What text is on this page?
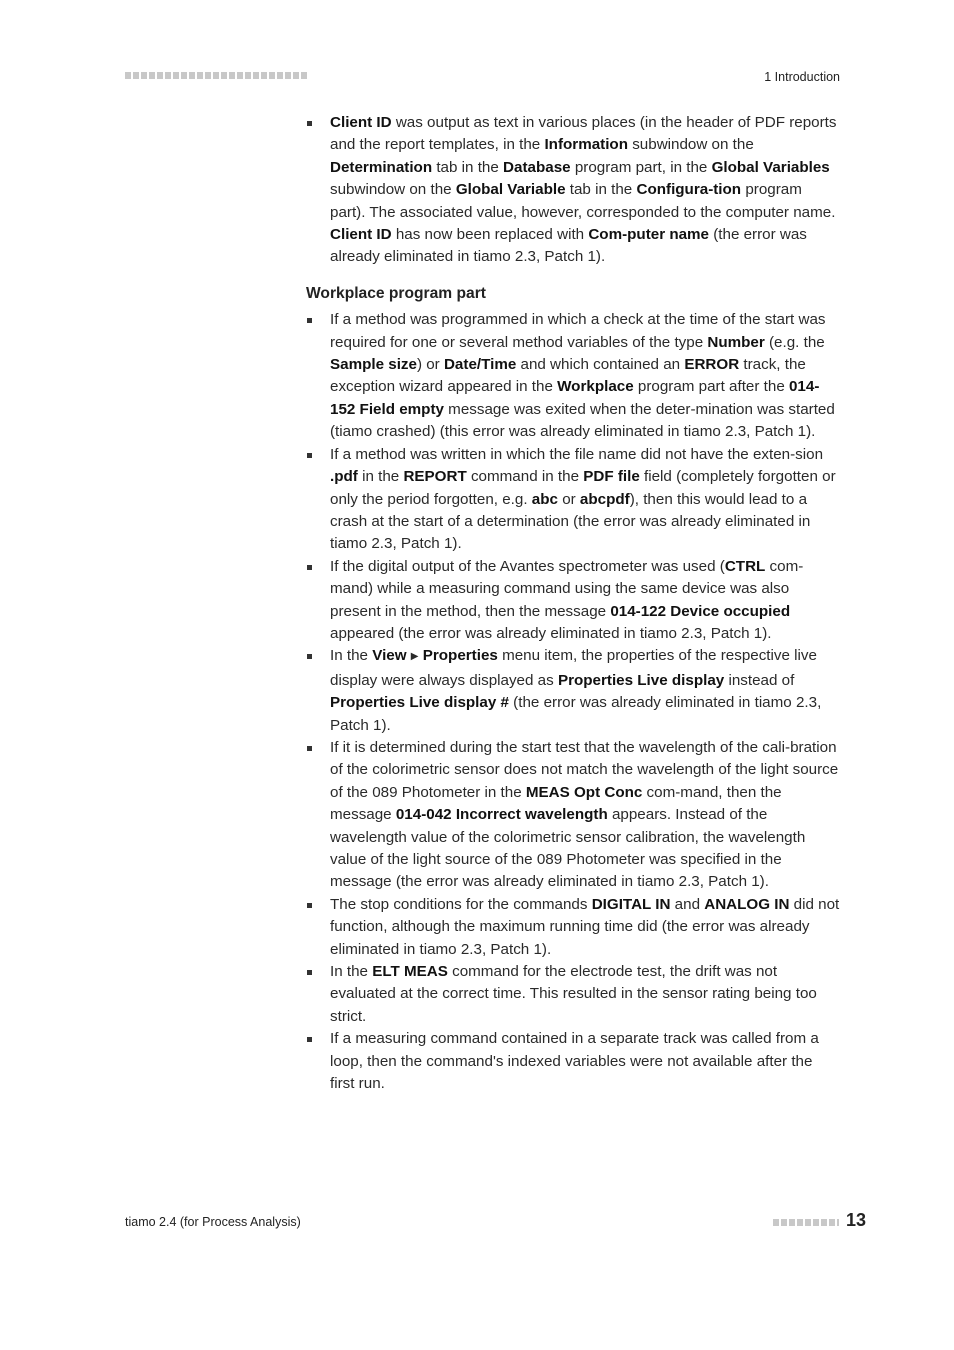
1 Introduction
Client ID was output as text in various places (in the header of PDF reports and the report templates, in the Information subwindow on the Determination tab in the Database program part, in the Global Variables subwindow on the Global Variable tab in the Configura-tion program part). The associated value, however, corresponded to the computer name. Client ID has now been replaced with Com-puter name (the error was already eliminated in tiamo 2.3, Patch 1).
Workplace program part
If a method was programmed in which a check at the time of the start was required for one or several method variables of the type Number (e.g. the Sample size) or Date/Time and which contained an ERROR track, the exception wizard appeared in the Workplace program part after the 014-152 Field empty message was exited when the deter-mination was started (tiamo crashed) (this error was already eliminated in tiamo 2.3, Patch 1).
If a method was written in which the file name did not have the exten-sion .pdf in the REPORT command in the PDF file field (completely forgotten or only the period forgotten, e.g. abc or abcpdf), then this would lead to a crash at the start of a determination (the error was already eliminated in tiamo 2.3, Patch 1).
If the digital output of the Avantes spectrometer was used (CTRL com-mand) while a measuring command using the same device was also present in the method, then the message 014-122 Device occupied appeared (the error was already eliminated in tiamo 2.3, Patch 1).
In the View ▶ Properties menu item, the properties of the respective live display were always displayed as Properties Live display instead of Properties Live display # (the error was already eliminated in tiamo 2.3, Patch 1).
If it is determined during the start test that the wavelength of the cali-bration of the colorimetric sensor does not match the wavelength of the light source of the 089 Photometer in the MEAS Opt Conc com-mand, then the message 014-042 Incorrect wavelength appears. Instead of the wavelength value of the colorimetric sensor calibration, the wavelength value of the light source of the 089 Photometer was specified in the message (the error was already eliminated in tiamo 2.3, Patch 1).
The stop conditions for the commands DIGITAL IN and ANALOG IN did not function, although the maximum running time did (the error was already eliminated in tiamo 2.3, Patch 1).
In the ELT MEAS command for the electrode test, the drift was not evaluated at the correct time. This resulted in the sensor rating being too strict.
If a measuring command contained in a separate track was called from a loop, then the command's indexed variables were not available after the first run.
tiamo 2.4 (for Process Analysis)	13
